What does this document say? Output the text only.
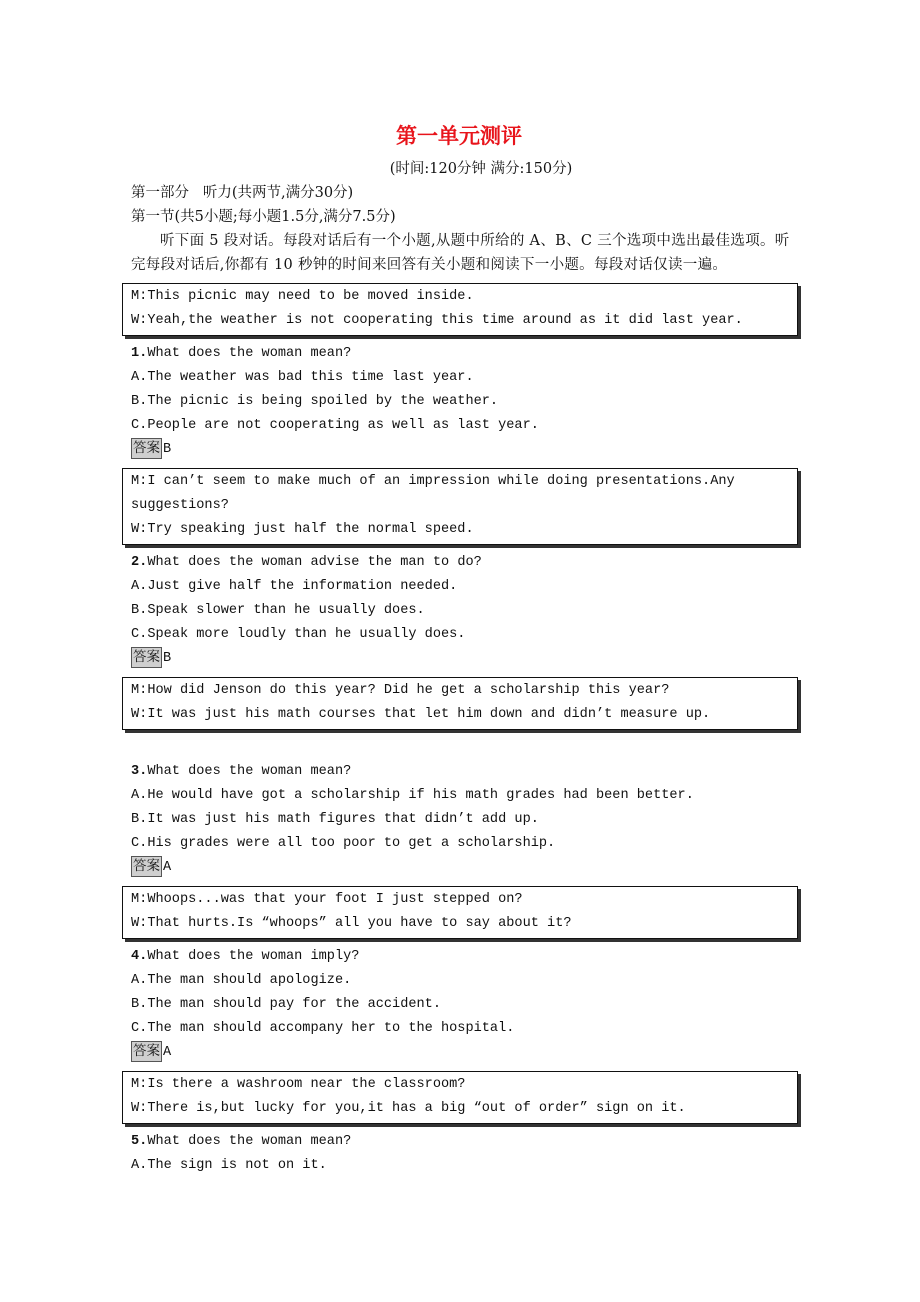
第一单元测评
(时间:120分钟 满分:150分)
第一部分   听力(共两节,满分30分)
第一节(共5小题;每小题1.5分,满分7.5分)
听下面 5 段对话。每段对话后有一个小题,从题中所给的 A、B、C 三个选项中选出最佳选项。听完每段对话后,你都有 10 秒钟的时间来回答有关小题和阅读下一小题。每段对话仅读一遍。
M:This picnic may need to be moved inside.
W:Yeah,the weather is not cooperating this time around as it did last year.
1.What does the woman mean?
A.The weather was bad this time last year.
B.The picnic is being spoiled by the weather.
C.People are not cooperating as well as last year.
答案 B
M:I can’t seem to make much of an impression while doing presentations.Any suggestions?
W:Try speaking just half the normal speed.
2.What does the woman advise the man to do?
A.Just give half the information needed.
B.Speak slower than he usually does.
C.Speak more loudly than he usually does.
答案 B
M:How did Jenson do this year? Did he get a scholarship this year?
W:It was just his math courses that let him down and didn’t measure up.
3.What does the woman mean?
A.He would have got a scholarship if his math grades had been better.
B.It was just his math figures that didn’t add up.
C.His grades were all too poor to get a scholarship.
答案 A
M:Whoops...was that your foot I just stepped on?
W:That hurts.Is “whoops” all you have to say about it?
4.What does the woman imply?
A.The man should apologize.
B.The man should pay for the accident.
C.The man should accompany her to the hospital.
答案 A
M:Is there a washroom near the classroom?
W:There is,but lucky for you,it has a big “out of order” sign on it.
5.What does the woman mean?
A.The sign is not on it.
